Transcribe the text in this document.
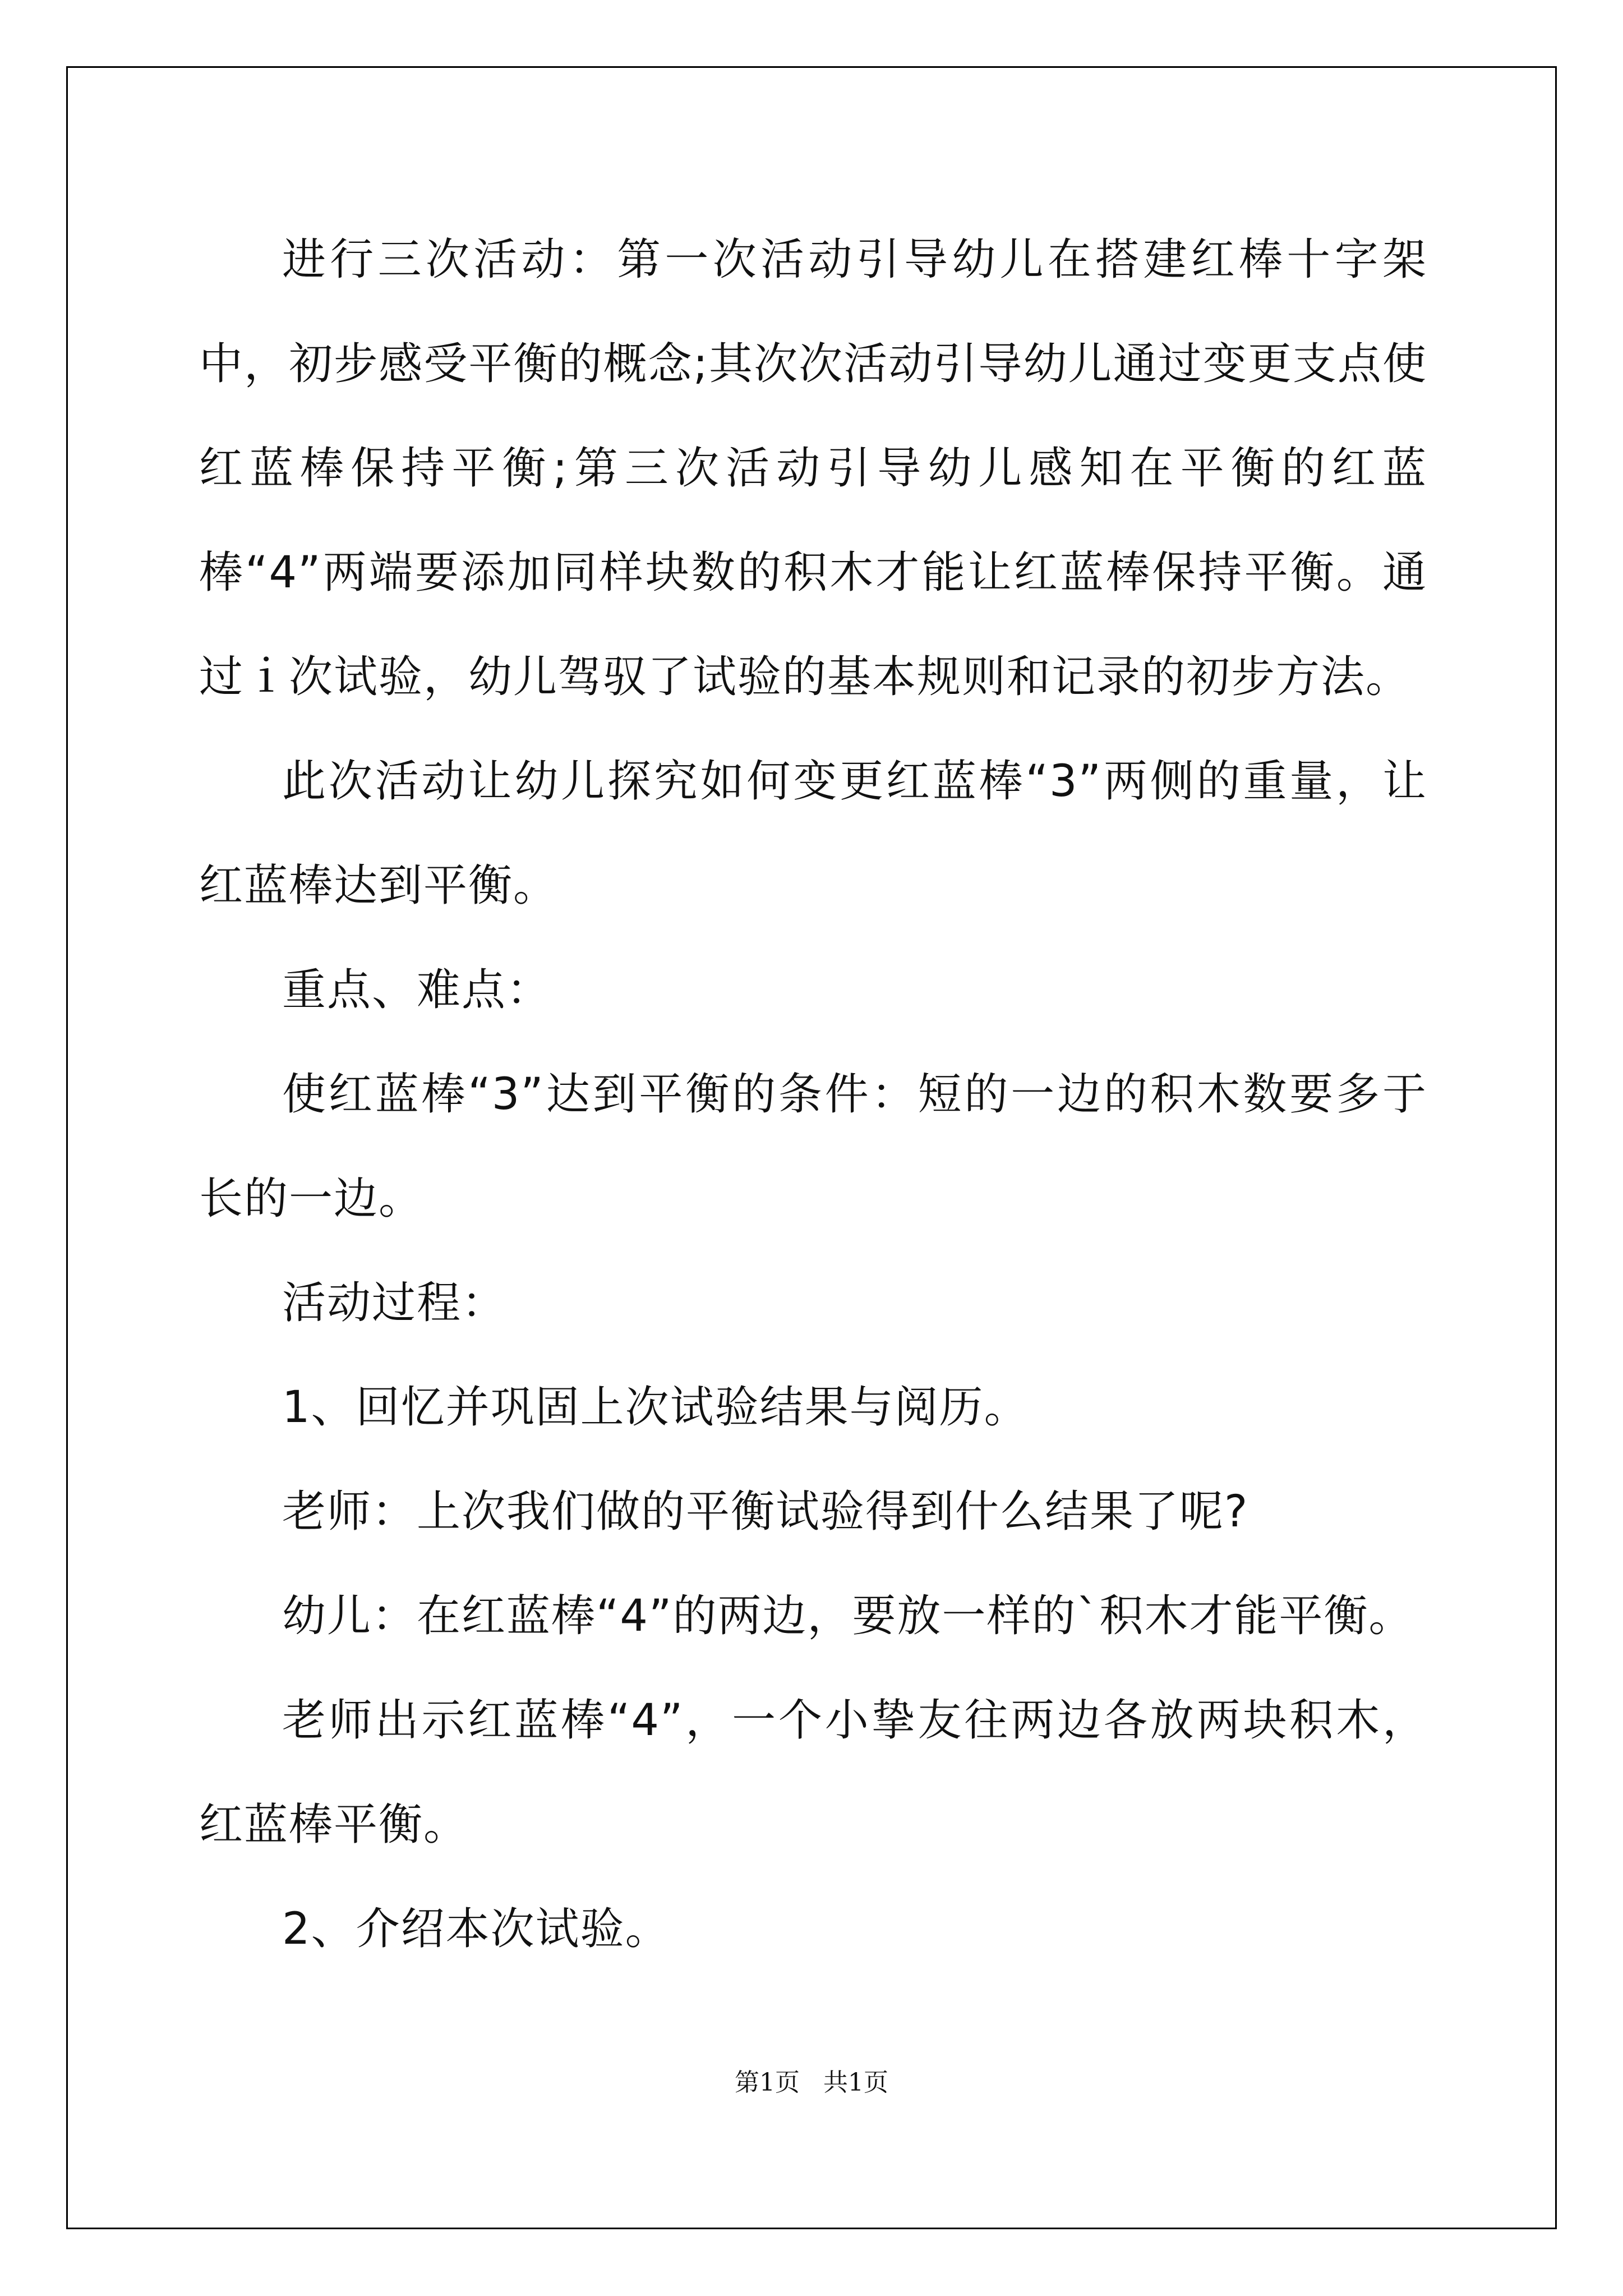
进行三次活动：第一次活动引导幼儿在搭建红棒十字架中，初步感受平衡的概念;其次次活动引导幼儿通过变更支点使红蓝棒保持平衡;第三次活动引导幼儿感知在平衡的红蓝棒“4”两端要添加同样块数的积木才能让红蓝棒保持平衡。通过ｉ次试验，幼儿驾驭了试验的基本规则和记录的初步方法。

此次活动让幼儿探究如何变更红蓝棒“3”两侧的重量，让红蓝棒达到平衡。

重点、难点：

使红蓝棒“3”达到平衡的条件：短的一边的积木数要多于长的一边。

活动过程：

1、回忆并巩固上次试验结果与阅历。

老师：上次我们做的平衡试验得到什么结果了呢?

幼儿：在红蓝棒“4”的两边，要放一样的`积木才能平衡。

老师出示红蓝棒“4”，一个小挚友往两边各放两块积木，红蓝棒平衡。

2、介绍本次试验。

第1页 共1页
